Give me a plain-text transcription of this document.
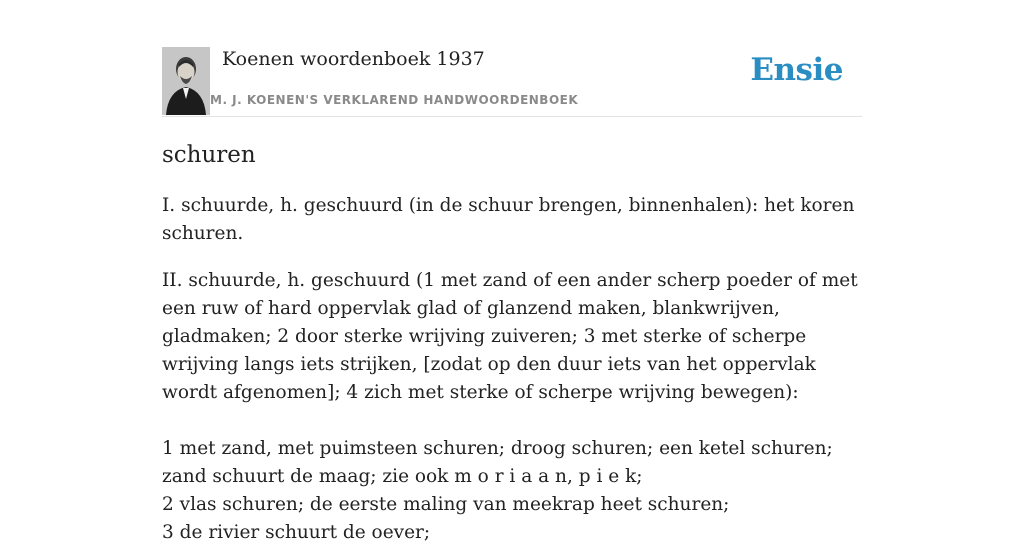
Koenen woordenboek 1937
M. J. KOENEN'S VERKLAREND HANDWOORDENBOEK
Ensie
schuren

I. schuurde, h. geschuurd (in de schuur brengen, binnenhalen): het koren schuren.

II. schuurde, h. geschuurd (1 met zand of een ander scherp poeder of met een ruw of hard oppervlak glad of glanzend maken, blankwrijven, gladmaken; 2 door sterke wrijving zuiveren; 3 met sterke of scherpe wrijving langs iets strijken, [zodat op den duur iets van het oppervlak wordt afgenomen]; 4 zich met sterke of scherpe wrijving bewegen):

1 met zand, met puimsteen schuren; droog schuren; een ketel schuren; zand schuurt de maag; zie ook m o r i a a n, p i e k;
2 vlas schuren; de eerste maling van meekrap heet schuren;
3 de rivier schuurt de oever;
